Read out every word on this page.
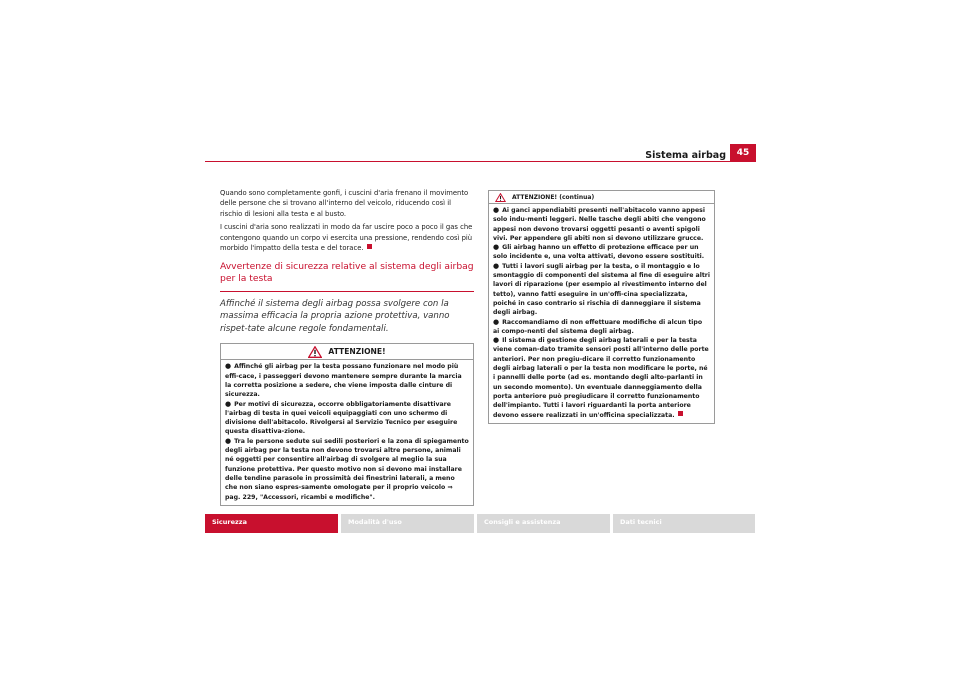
Sistema airbag	45

Quando sono completamente gonfi, i cuscini d'aria frenano il movimento delle persone che si trovano all'interno del veicolo, riducendo così il rischio di lesioni alla testa e al busto.

I cuscini d'aria sono realizzati in modo da far uscire poco a poco il gas che contengono quando un corpo vi esercita una pressione, rendendo così più morbido l'impatto della testa e del torace.

Avvertenze di sicurezza relative al sistema degli airbag per la testa

Affinché il sistema degli airbag possa svolgere con la massima efficacia la propria azione protettiva, vanno rispet-tate alcune regole fondamentali.

ATTENZIONE!
● Affinché gli airbag per la testa possano funzionare nel modo più effi-cace, i passeggeri devono mantenere sempre durante la marcia la corretta posizione a sedere, che viene imposta dalle cinture di sicurezza.
● Per motivi di sicurezza, occorre obbligatoriamente disattivare l'airbag di testa in quei veicoli equipaggiati con uno schermo di divisione dell'abitacolo. Rivolgersi al Servizio Tecnico per eseguire questa disattiva-zione.
● Tra le persone sedute sui sedili posteriori e la zona di spiegamento degli airbag per la testa non devono trovarsi altre persone, animali né oggetti per consentire all'airbag di svolgere al meglio la sua funzione protettiva. Per questo motivo non si devono mai installare delle tendine parasole in prossimità dei finestrini laterali, a meno che non siano espres-samente omologate per il proprio veicolo ⇒ pag. 229, "Accessori, ricambi e modifiche".
ATTENZIONE! (continua)
● Ai ganci appendiabiti presenti nell'abitacolo vanno appesi solo indu-menti leggeri. Nelle tasche degli abiti che vengono appesi non devono trovarsi oggetti pesanti o aventi spigoli vivi. Per appendere gli abiti non si devono utilizzare grucce.
● Gli airbag hanno un effetto di protezione efficace per un solo incidente e, una volta attivati, devono essere sostituiti.
● Tutti i lavori sugli airbag per la testa, o il montaggio e lo smontaggio di componenti del sistema al fine di eseguire altri lavori di riparazione (per esempio al rivestimento interno del tetto), vanno fatti eseguire in un'offi-cina specializzata, poiché in caso contrario si rischia di danneggiare il sistema degli airbag.
● Raccomandiamo di non effettuare modifiche di alcun tipo ai compo-nenti del sistema degli airbag.
● Il sistema di gestione degli airbag laterali e per la testa viene coman-dato tramite sensori posti all'interno delle porte anteriori. Per non pregiu-dicare il corretto funzionamento degli airbag laterali o per la testa non modificare le porte, né i pannelli delle porte (ad es. montando degli alto-parlanti in un secondo momento). Un eventuale danneggiamento della porta anteriore può pregiudicare il corretto funzionamento dell'impianto. Tutti i lavori riguardanti la porta anteriore devono essere realizzati in un'officina specializzata.
Sicurezza	Modalità d'uso	Consigli e assistenza	Dati tecnici
